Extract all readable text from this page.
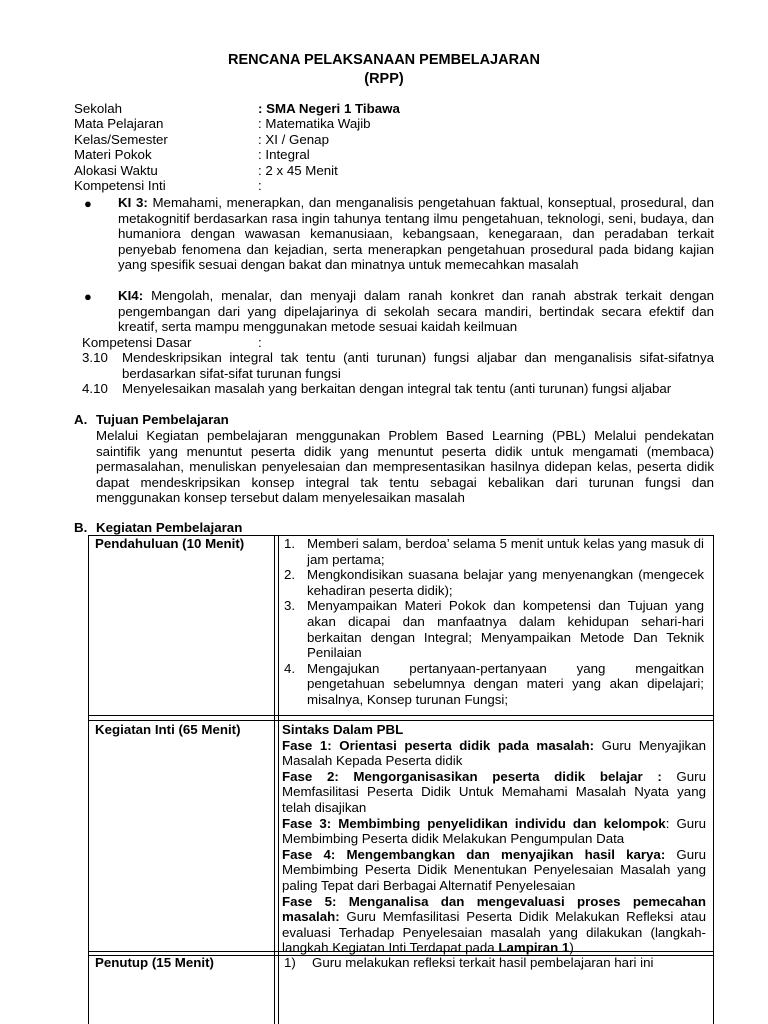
RENCANA PELAKSANAAN PEMBELAJARAN
(RPP)
Sekolah	: SMA Negeri 1 Tibawa
Mata Pelajaran	: Matematika Wajib
Kelas/Semester	: XI / Genap
Materi Pokok	: Integral
Alokasi Waktu	: 2 x 45 Menit
Kompetensi Inti	:
● KI 3: Memahami, menerapkan, dan menganalisis pengetahuan faktual, konseptual, prosedural, dan metakognitif berdasarkan rasa ingin tahunya tentang ilmu pengetahuan, teknologi, seni, budaya, dan humaniora dengan wawasan kemanusiaan, kebangsaan, kenegaraan, dan peradaban terkait penyebab fenomena dan kejadian, serta menerapkan pengetahuan prosedural pada bidang kajian yang spesifik sesuai dengan bakat dan minatnya untuk memecahkan masalah
● KI4: Mengolah, menalar, dan menyaji dalam ranah konkret dan ranah abstrak terkait dengan pengembangan dari yang dipelajarinya di sekolah secara mandiri, bertindak secara efektif dan kreatif, serta mampu menggunakan metode sesuai kaidah keilmuan
Kompetensi Dasar	:
3.10 Mendeskripsikan integral tak tentu (anti turunan) fungsi aljabar dan menganalisis sifat-sifatnya berdasarkan sifat-sifat turunan fungsi
4.10 Menyelesaikan masalah yang berkaitan dengan integral tak tentu (anti turunan) fungsi aljabar
A. Tujuan Pembelajaran
Melalui Kegiatan pembelajaran menggunakan Problem Based Learning (PBL) Melalui pendekatan saintifik yang menuntut peserta didik yang menuntut peserta didik untuk mengamati (membaca) permasalahan, menuliskan penyelesaian dan mempresentasikan hasilnya didepan kelas, peserta didik dapat mendeskripsikan konsep integral tak tentu sebagai kebalikan dari turunan fungsi dan menggunakan konsep tersebut dalam menyelesaikan masalah
B. Kegiatan Pembelajaran
Pendahuluan (10 Menit)	1. Memberi salam, berdoa’ selama 5 menit untuk kelas yang masuk di jam pertama;
2. Mengkondisikan suasana belajar yang menyenangkan (mengecek kehadiran peserta didik);
3. Menyampaikan Materi Pokok dan kompetensi dan Tujuan yang akan dicapai dan manfaatnya dalam kehidupan sehari-hari berkaitan dengan Integral; Menyampaikan Metode Dan Teknik Penilaian
4. Mengajukan pertanyaan-pertanyaan yang mengaitkan pengetahuan sebelumnya dengan materi yang akan dipelajari; misalnya, Konsep turunan Fungsi;
Kegiatan Inti (65 Menit)	Sintaks Dalam PBL
Fase 1: Orientasi peserta didik pada masalah: Guru Menyajikan Masalah Kepada Peserta didik
Fase 2: Mengorganisasikan peserta didik belajar : Guru Memfasilitasi Peserta Didik Untuk Memahami Masalah Nyata yang telah disajikan
Fase 3: Membimbing penyelidikan individu dan kelompok: Guru Membimbing Peserta didik Melakukan Pengumpulan Data
Fase 4: Mengembangkan dan menyajikan hasil karya: Guru Membimbing Peserta Didik Menentukan Penyelesaian Masalah yang paling Tepat dari Berbagai Alternatif Penyelesaian
Fase 5: Menganalisa dan mengevaluasi proses pemecahan masalah: Guru Memfasilitasi Peserta Didik Melakukan Refleksi atau evaluasi Terhadap Penyelesaian masalah yang dilakukan (langkah-langkah Kegiatan Inti Terdapat pada Lampiran 1)
Penutup (15 Menit)	1) Guru melakukan refleksi terkait hasil pembelajaran hari ini
